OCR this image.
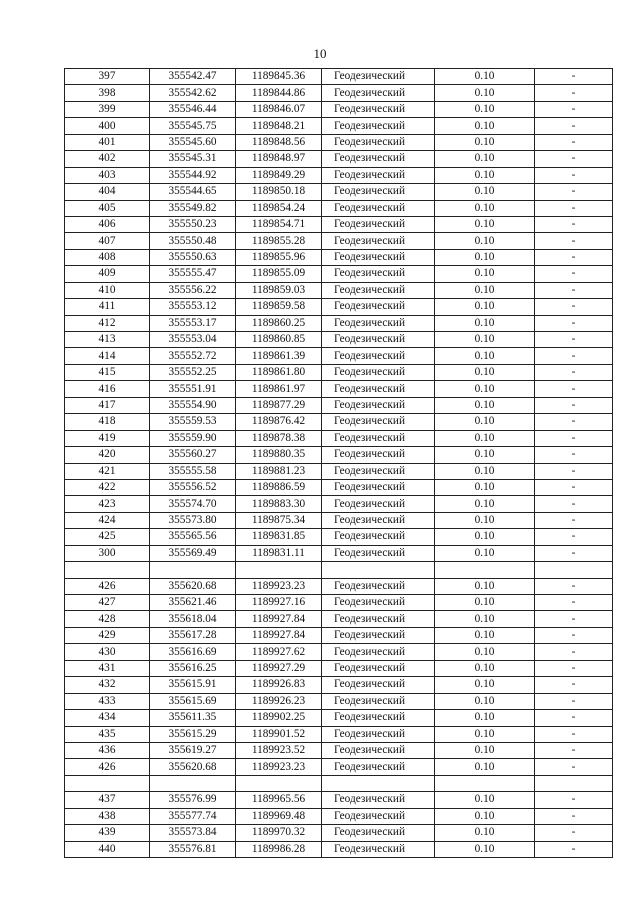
10
397	355542.47	1189845.36	Геодезический	0.10	-
398	355542.62	1189844.86	Геодезический	0.10	-
399	355546.44	1189846.07	Геодезический	0.10	-
400	355545.75	1189848.21	Геодезический	0.10	-
401	355545.60	1189848.56	Геодезический	0.10	-
402	355545.31	1189848.97	Геодезический	0.10	-
403	355544.92	1189849.29	Геодезический	0.10	-
404	355544.65	1189850.18	Геодезический	0.10	-
405	355549.82	1189854.24	Геодезический	0.10	-
406	355550.23	1189854.71	Геодезический	0.10	-
407	355550.48	1189855.28	Геодезический	0.10	-
408	355550.63	1189855.96	Геодезический	0.10	-
409	355555.47	1189855.09	Геодезический	0.10	-
410	355556.22	1189859.03	Геодезический	0.10	-
411	355553.12	1189859.58	Геодезический	0.10	-
412	355553.17	1189860.25	Геодезический	0.10	-
413	355553.04	1189860.85	Геодезический	0.10	-
414	355552.72	1189861.39	Геодезический	0.10	-
415	355552.25	1189861.80	Геодезический	0.10	-
416	355551.91	1189861.97	Геодезический	0.10	-
417	355554.90	1189877.29	Геодезический	0.10	-
418	355559.53	1189876.42	Геодезический	0.10	-
419	355559.90	1189878.38	Геодезический	0.10	-
420	355560.27	1189880.35	Геодезический	0.10	-
421	355555.58	1189881.23	Геодезический	0.10	-
422	355556.52	1189886.59	Геодезический	0.10	-
423	355574.70	1189883.30	Геодезический	0.10	-
424	355573.80	1189875.34	Геодезический	0.10	-
425	355565.56	1189831.85	Геодезический	0.10	-
300	355569.49	1189831.11	Геодезический	0.10	-

426	355620.68	1189923.23	Геодезический	0.10	-
427	355621.46	1189927.16	Геодезический	0.10	-
428	355618.04	1189927.84	Геодезический	0.10	-
429	355617.28	1189927.84	Геодезический	0.10	-
430	355616.69	1189927.62	Геодезический	0.10	-
431	355616.25	1189927.29	Геодезический	0.10	-
432	355615.91	1189926.83	Геодезический	0.10	-
433	355615.69	1189926.23	Геодезический	0.10	-
434	355611.35	1189902.25	Геодезический	0.10	-
435	355615.29	1189901.52	Геодезический	0.10	-
436	355619.27	1189923.52	Геодезический	0.10	-
426	355620.68	1189923.23	Геодезический	0.10	-

437	355576.99	1189965.56	Геодезический	0.10	-
438	355577.74	1189969.48	Геодезический	0.10	-
439	355573.84	1189970.32	Геодезический	0.10	-
440	355576.81	1189986.28	Геодезический	0.10	-
